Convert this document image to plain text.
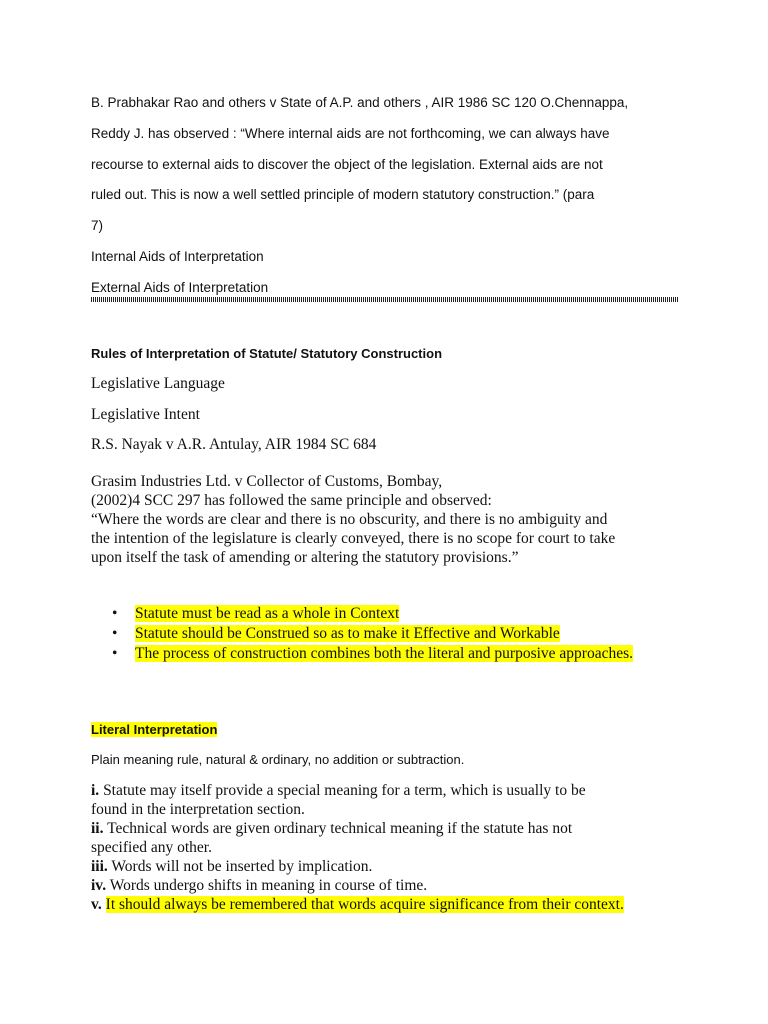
B. Prabhakar Rao and others v State of A.P. and others , AIR 1986 SC 120 O.Chennappa,
Reddy J. has observed : “Where internal aids are not forthcoming, we can always have
recourse to external aids to discover the object of the legislation. External aids are not
ruled out. This is now a well settled principle of modern statutory construction.” (para
7)
Internal Aids of Interpretation
External Aids of Interpretation
Rules of Interpretation of Statute/ Statutory Construction
Legislative Language
Legislative Intent
R.S. Nayak v A.R. Antulay, AIR 1984 SC 684
Grasim Industries Ltd. v Collector of Customs, Bombay,
(2002)4 SCC 297 has followed the same principle and observed:
“Where the words are clear and there is no obscurity, and there is no ambiguity and
the intention of the legislature is clearly conveyed, there is no scope for court to take
upon itself the task of amending or altering the statutory provisions.”
• Statute must be read as a whole in Context
• Statute should be Construed so as to make it Effective and Workable
• The process of construction combines both the literal and purposive approaches.
Literal Interpretation
Plain meaning rule, natural & ordinary, no addition or subtraction.
i. Statute may itself provide a special meaning for a term, which is usually to be
found in the interpretation section.
ii. Technical words are given ordinary technical meaning if the statute has not
specified any other.
iii. Words will not be inserted by implication.
iv. Words undergo shifts in meaning in course of time.
v. It should always be remembered that words acquire significance from their context.
